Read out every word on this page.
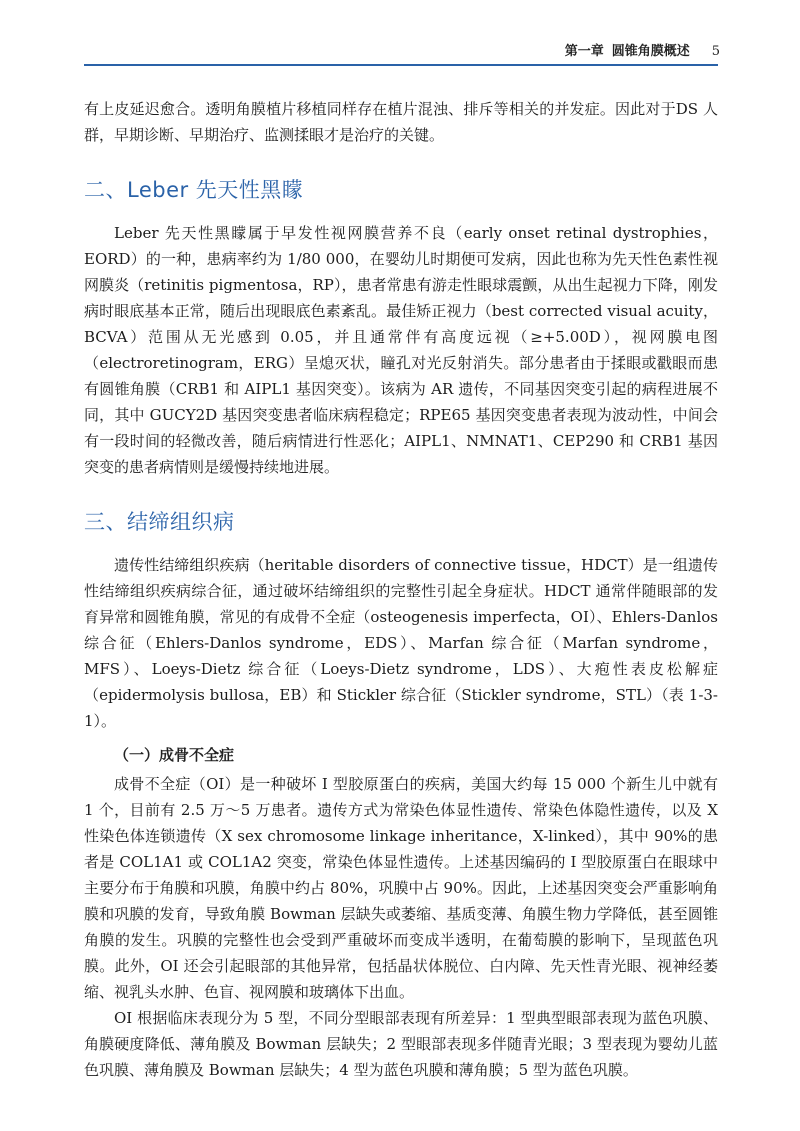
第一章 圆锥角膜概述 5

有上皮延迟愈合。透明角膜植片移植同样存在植片混浊、排斥等相关的并发症。因此对于DS 人群，早期诊断、早期治疗、监测揉眼才是治疗的关键。

二、Leber 先天性黑矇

Leber 先天性黑矇属于早发性视网膜营养不良（early onset retinal dystrophies，EORD）的一种，患病率约为 1/80 000，在婴幼儿时期便可发病，因此也称为先天性色素性视网膜炎（retinitis pigmentosa，RP），患者常患有游走性眼球震颤，从出生起视力下降，刚发病时眼底基本正常，随后出现眼底色素紊乱。最佳矫正视力（best corrected visual acuity，BCVA）范围从无光感到 0.05，并且通常伴有高度远视（≥+5.00D），视网膜电图（electroretinogram，ERG）呈熄灭状，瞳孔对光反射消失。部分患者由于揉眼或戳眼而患有圆锥角膜（CRB1 和 AIPL1 基因突变）。该病为 AR 遗传，不同基因突变引起的病程进展不同，其中 GUCY2D 基因突变患者临床病程稳定；RPE65 基因突变患者表现为波动性，中间会有一段时间的轻微改善，随后病情进行性恶化；AIPL1、NMNAT1、CEP290 和 CRB1 基因突变的患者病情则是缓慢持续地进展。

三、结缔组织病

遗传性结缔组织疾病（heritable disorders of connective tissue，HDCT）是一组遗传性结缔组织疾病综合征，通过破坏结缔组织的完整性引起全身症状。HDCT 通常伴随眼部的发育异常和圆锥角膜，常见的有成骨不全症（osteogenesis imperfecta，OI）、Ehlers-Danlos 综合征（Ehlers-Danlos syndrome，EDS）、Marfan 综合征（Marfan syndrome，MFS）、Loeys-Dietz 综合征（Loeys-Dietz syndrome，LDS）、大疱性表皮松解症（epidermolysis bullosa，EB）和 Stickler 综合征（Stickler syndrome，STL）（表 1-3-1）。

（一）成骨不全症

成骨不全症（OI）是一种破坏 I 型胶原蛋白的疾病，美国大约每 15 000 个新生儿中就有 1 个，目前有 2.5 万～5 万患者。遗传方式为常染色体显性遗传、常染色体隐性遗传，以及 X 性染色体连锁遗传（X sex chromosome linkage inheritance，X-linked），其中 90%的患者是 COL1A1 或 COL1A2 突变，常染色体显性遗传。上述基因编码的 I 型胶原蛋白在眼球中主要分布于角膜和巩膜，角膜中约占 80%，巩膜中占 90%。因此，上述基因突变会严重影响角膜和巩膜的发育，导致角膜 Bowman 层缺失或萎缩、基质变薄、角膜生物力学降低，甚至圆锥角膜的发生。巩膜的完整性也会受到严重破坏而变成半透明，在葡萄膜的影响下，呈现蓝色巩膜。此外，OI 还会引起眼部的其他异常，包括晶状体脱位、白内障、先天性青光眼、视神经萎缩、视乳头水肿、色盲、视网膜和玻璃体下出血。

OI 根据临床表现分为 5 型，不同分型眼部表现有所差异：1 型典型眼部表现为蓝色巩膜、角膜硬度降低、薄角膜及 Bowman 层缺失；2 型眼部表现多伴随青光眼；3 型表现为婴幼儿蓝色巩膜、薄角膜及 Bowman 层缺失；4 型为蓝色巩膜和薄角膜；5 型为蓝色巩膜。
